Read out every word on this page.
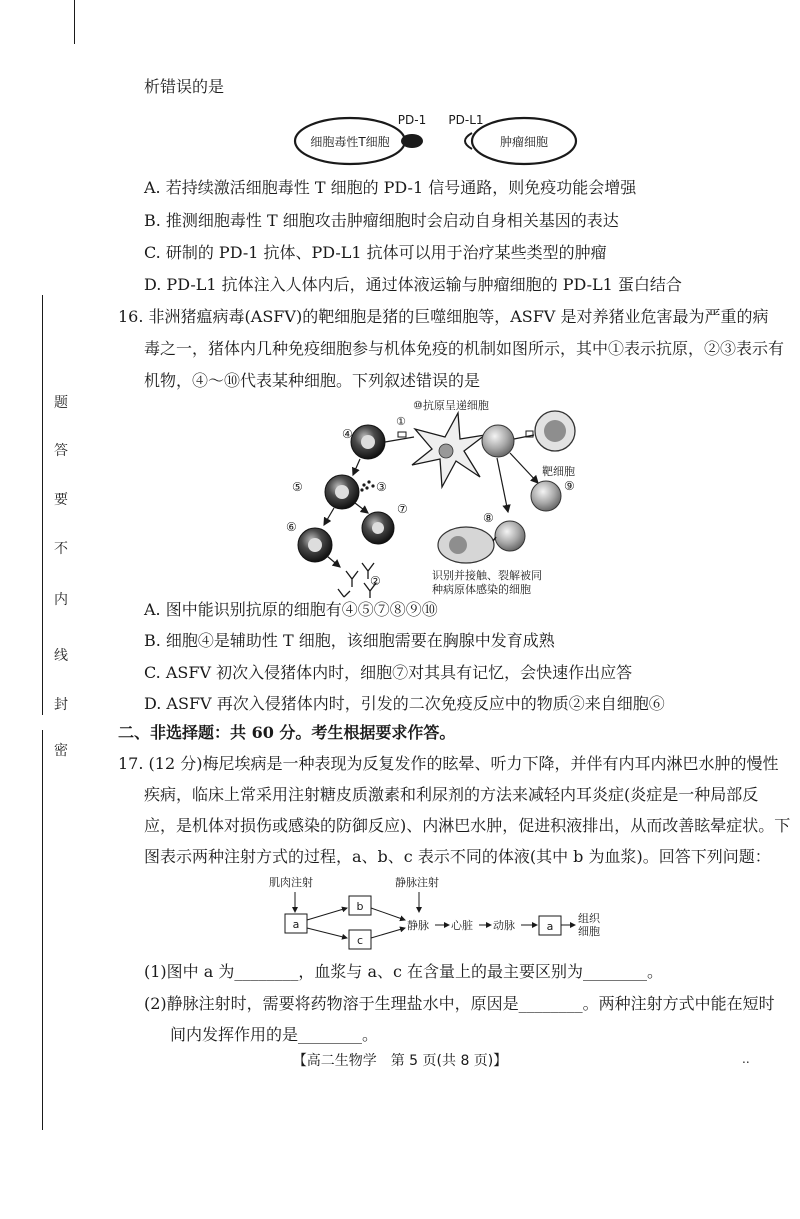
题
答
要
不
内
线
封
密
析错误的是
细胞毒性T细胞
PD-1 PD-L1
肿瘤细胞
A. 若持续激活细胞毒性 T 细胞的 PD-1 信号通路，则免疫功能会增强
B. 推测细胞毒性 T 细胞攻击肿瘤细胞时会启动自身相关基因的表达
C. 研制的 PD-1 抗体、PD-L1 抗体可以用于治疗某些类型的肿瘤
D. PD-L1 抗体注入人体内后，通过体液运输与肿瘤细胞的 PD-L1 蛋白结合
16. 非洲猪瘟病毒(ASFV)的靶细胞是猪的巨噬细胞等，ASFV 是对养猪业危害最为严重的病
毒之一，猪体内几种免疫细胞参与机体免疫的机制如图所示，其中①表示抗原，②③表示有
机物，④～⑩代表某种细胞。下列叙述错误的是
⑩抗原呈递细胞
④
①
⑤	③
⑥
⑦
②
靶细胞
⑨
⑧
识别并接触、裂解被同
种病原体感染的细胞
A. 图中能识别抗原的细胞有④⑤⑦⑧⑨⑩
B. 细胞④是辅助性 T 细胞，该细胞需要在胸腺中发育成熟
C. ASFV 初次入侵猪体内时，细胞⑦对其具有记忆，会快速作出应答
D. ASFV 再次入侵猪体内时，引发的二次免疫反应中的物质②来自细胞⑥
二、非选择题：共 60 分。考生根据要求作答。
17. (12 分)梅尼埃病是一种表现为反复发作的眩晕、听力下降，并伴有内耳内淋巴水肿的慢性
疾病，临床上常采用注射糖皮质激素和利尿剂的方法来减轻内耳炎症(炎症是一种局部反
应，是机体对损伤或感染的防御反应)、内淋巴水肿，促进积液排出，从而改善眩晕症状。下
图表示两种注射方式的过程，a、b、c 表示不同的体液(其中 b 为血浆)。回答下列问题：
肌肉注射
a
b
c
静脉注射
静脉 心脏 动脉	a
组织
细胞
(1)图中 a 为________，血浆与 a、c 在含量上的最主要区别为________。
(2)静脉注射时，需要将药物溶于生理盐水中，原因是________。两种注射方式中能在短时
间内发挥作用的是________。
【高二生物学　第 5 页(共 8 页)】	..
